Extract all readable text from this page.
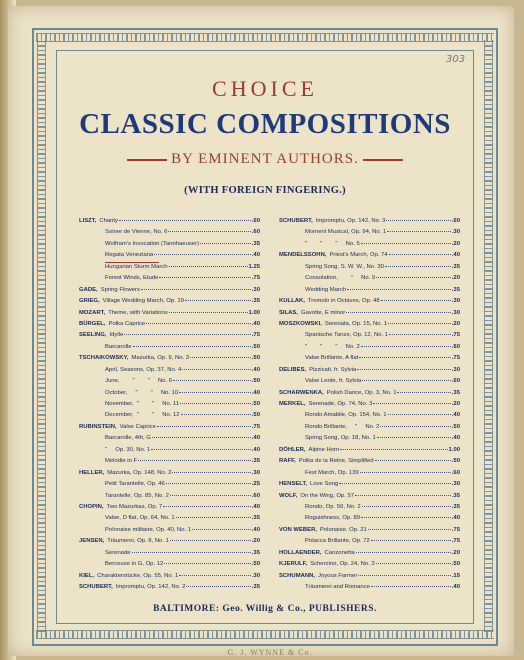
303
CHOICE
CLASSIC COMPOSITIONS
BY EMINENT AUTHORS.
(WITH FOREIGN FINGERING.)
LISZT, Charity	.60
Soiree de Vienne, No. 6	.60
Wolfram's Invocation (Tannhaeuser)	.35
Regata Veneziana	.40
Hungarian Sturm March	1.25
Forest Winds, Etude	.75
GADE, Spring Flowers	.30
GRIEG, Village Wedding March, Op. 19	.35
MOZART, Theme, with Variations	1.00
BÜRGEL, Polka Caprice	.40
SEELING, Idylle	.75
Barcarolle	.50
TSCHAIKOWSKY, Mazurka, Op. 9, No. 3	.50
April, Seasons, Op. 37, No. 4	.40
June,        "        "     No. 6	.50
October,     "        "     No. 10	.40
November,  "        "     No. 11	.50
December,  "        "     No. 12	.50
RUBINSTEIN, Valse Caprice	.75
Barcarolle, 4th, G	.40
"     Op. 30, No. 1	.40
Melodie in F	.35
HELLER, Mazurka, Op. 148, No. 2	.30
Petit Tarantelle, Op. 46	.25
Tarantelle, Op. 85, No. 2	.60
CHOPIN, Two Mazurkas, Op. 7	.40
Valse, D flat, Op. 64, No. 1	.35
Polonaise militaire, Op. 40, No. 1	.40
JENSEN, Träumerei, Op. 8, No. 1	.20
Serenade	.35
Berceuse in G, Op. 12	.50
KIEL, Charakterstücke, Op. 55, No. 1	.30
SCHUBERT, Impromptu, Op. 142, No. 2	.35
SCHUBERT, Impromptu, Op. 142, No. 3	.60
Moment Musical, Op. 94, No. 1	.30
"        "        "     No. 5	.20
MENDELSSOHN, Priest's March, Op. 74	.40
Spring Song, S. W. W., No. 30	.35
Consolation,        "     No. 9	.20
Wedding March	.35
KULLAK, Tremolo in Octaves, Op. 48	.30
SILAS, Gavotte, E minor	.30
MOSZKOWSKI, Serenata, Op. 15, No. 1	.20
Spanische Tanze, Op. 12, No. 1	.75
"        "        "     No. 2	.60
Valse Brillante, A flat	.75
DELIBES, Pizzicati, fr. Sylvia	.30
Valse Lente, fr. Sylvia	.60
SCHARWENKA, Polish Dance, Op. 3, No. 1	.35
MERKEL, Serenade, Op. 74, No. 3	.20
Rondo Amabile, Op. 154, No. 1	.40
Rondo Brillante,     "     No. 2	.50
Spring Song, Op. 18, No. 1	.40
DÖHLER, Alpine Horn	1.00
RAFF, Polka de la Reine, Simplified	.50
Fest March, Op. 139	.60
HENSELT, Love Song	.30
WOLF, On the Wing, Op. 57	.35
Rondo, Op. 50, No. 2	.35
Roguishness, Op. 89	.40
VON WEBER, Polonaise. Op. 21	.75
Polacca Brillante, Op. 72	.75
HOLLAENDER, Canzonetta	.20
KJERULF, Scherzino, Op. 24, No. 3	.50
SCHUMANN, Joyous Farmer	.15
Träumerei and Romance	.40
BALTIMORE: Geo. Willig & Co., PUBLISHERS.
G. J. WYNNE & Co.
